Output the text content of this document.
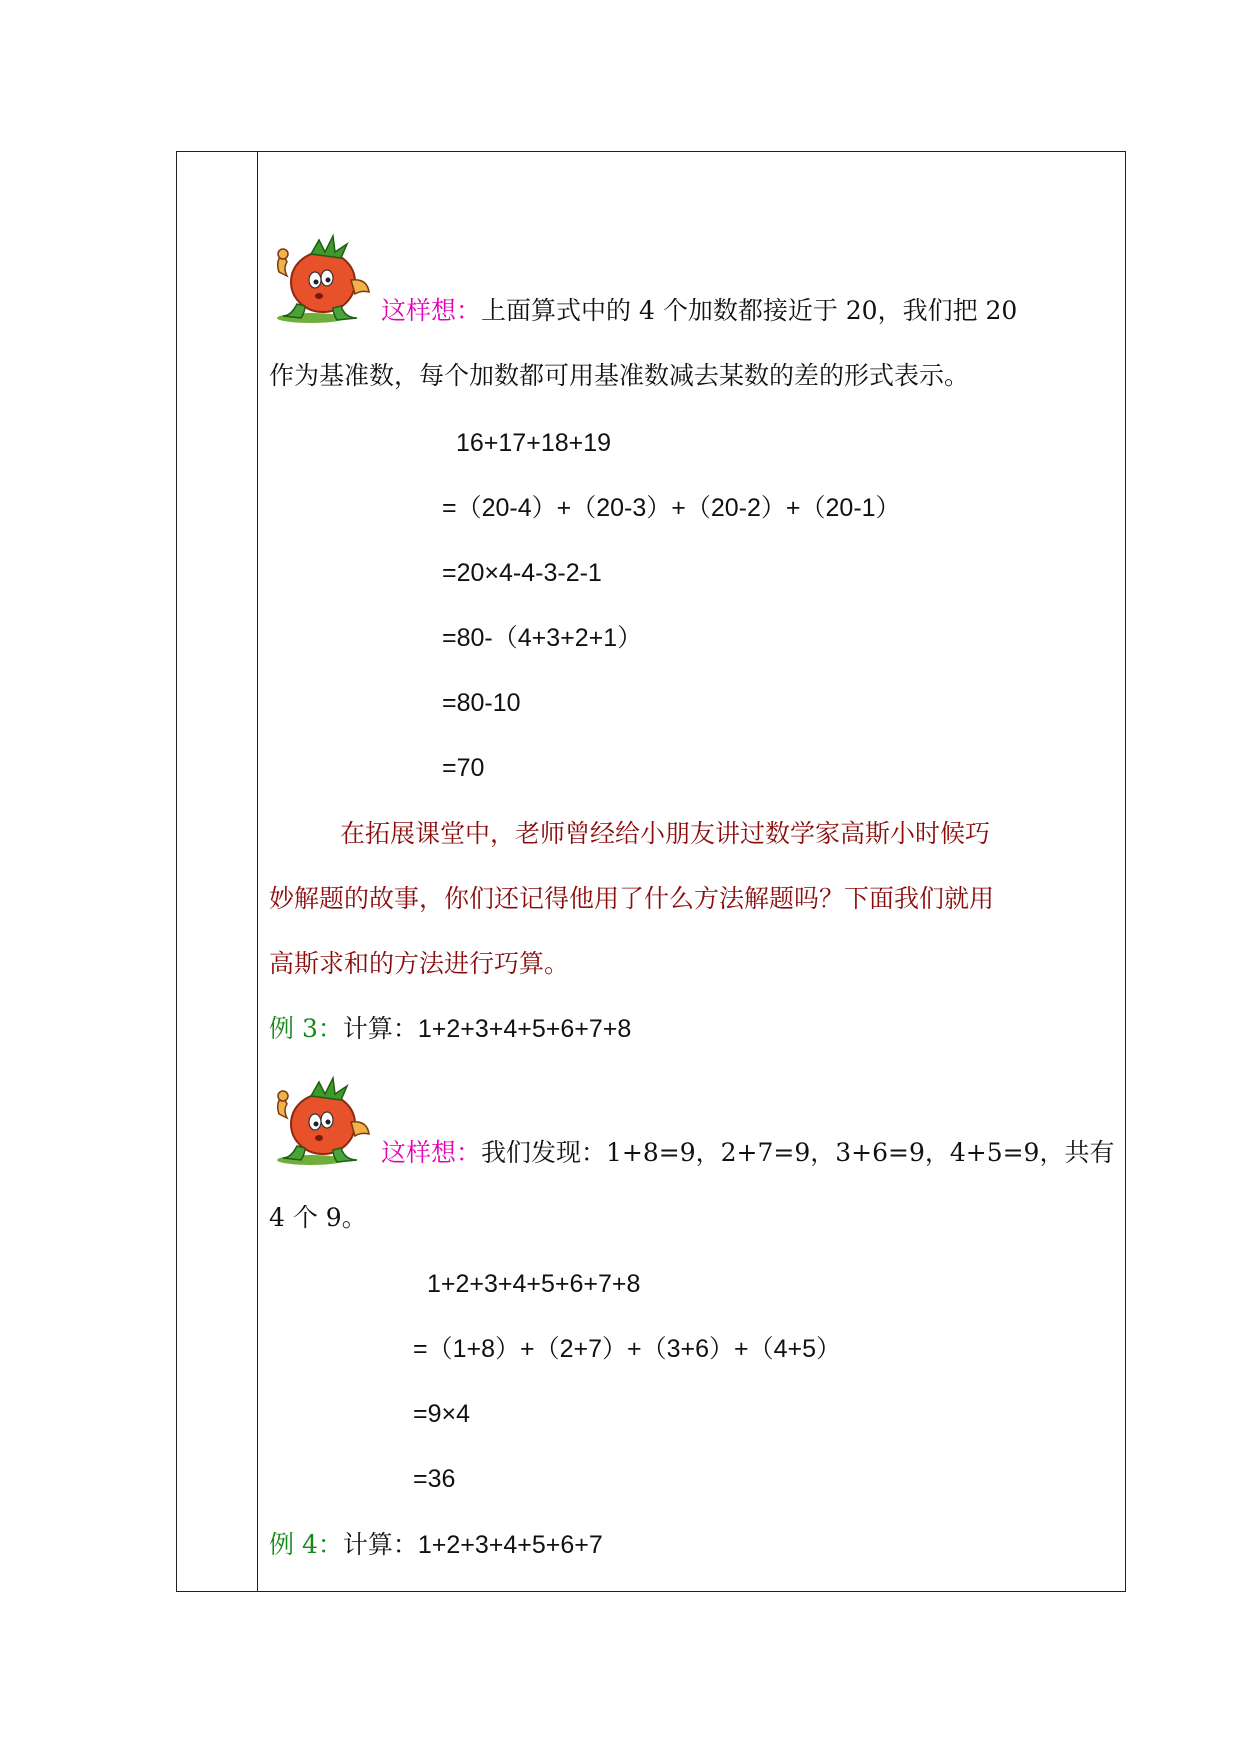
这样想：上面算式中的 4 个加数都接近于 20，我们把 20
作为基准数，每个加数都可用基准数减去某数的差的形式表示。
16+17+18+19
=（20-4）+（20-3）+（20-2）+（20-1）
=20×4-4-3-2-1
=80-（4+3+2+1）
=80-10
=70
在拓展课堂中，老师曾经给小朋友讲过数学家高斯小时候巧
妙解题的故事，你们还记得他用了什么方法解题吗？下面我们就用
高斯求和的方法进行巧算。
例 3：计算：1+2+3+4+5+6+7+8
这样想：我们发现：1+8=9，2+7=9，3+6=9，4+5=9，共有
4 个 9。
1+2+3+4+5+6+7+8
=（1+8）+（2+7）+（3+6）+（4+5）
=9×4
=36
例 4：计算：1+2+3+4+5+6+7
